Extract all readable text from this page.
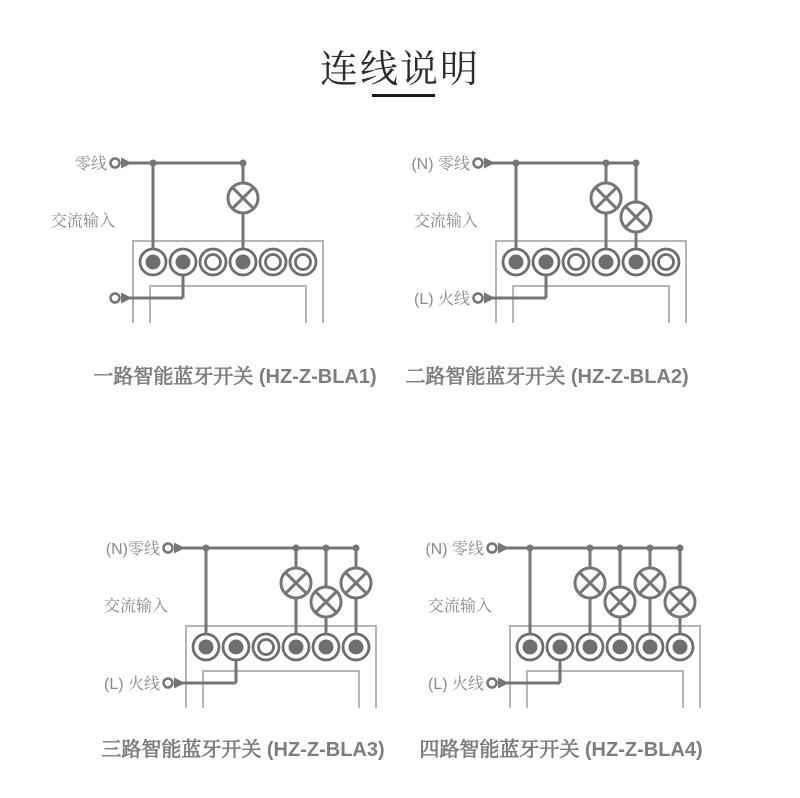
连线说明
零线
交流输入
(N) 零线
交流输入
(L) 火线
(N)零线
交流输入
(L) 火线
(N) 零线
交流输入
(L) 火线
一路智能蓝牙开关 (HZ-Z-BLA1) 二路智能蓝牙开关 (HZ-Z-BLA2)
三路智能蓝牙开关 (HZ-Z-BLA3) 四路智能蓝牙开关 (HZ-Z-BLA4)
